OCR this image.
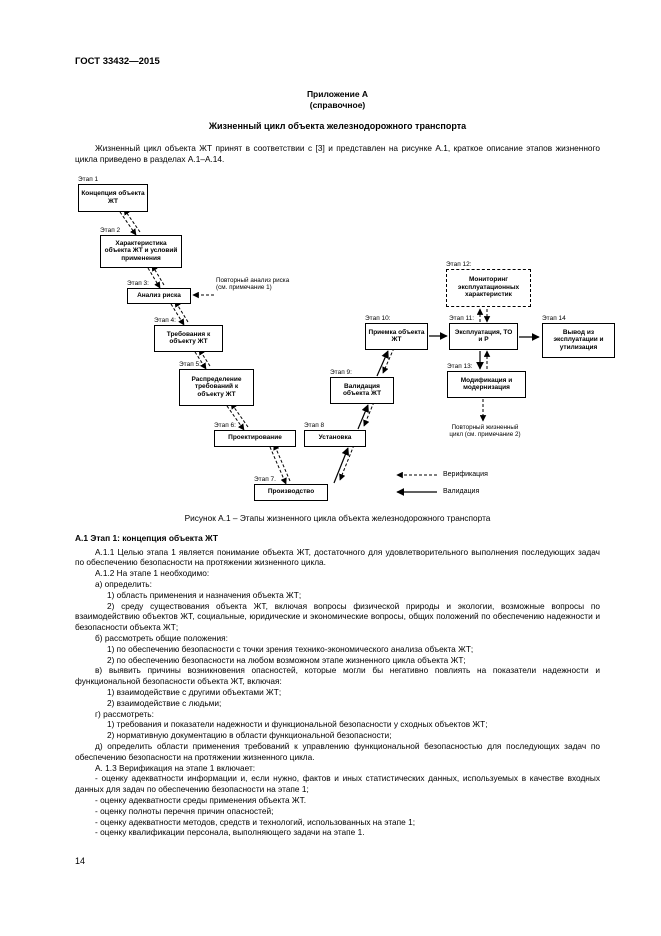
ГОСТ 33432—2015
Приложение А
(справочное)
Жизненный цикл объекта железнодорожного транспорта

Жизненный цикл объекта ЖТ принят в соответствии с [3] и представлен на рисунке А.1, краткое описание этапов жизненного цикла приведено в разделах А.1–А.14.

Этап 1
Концепция объекта ЖТ
Этап 2
Характеристика объекта ЖТ и условий применения
Этап 3:
Анализ риска
Этап 4:
Требования к объекту ЖТ
Этап 5:
Распределение требований к объекту ЖТ
Этап 6:
Проектирование
Этап 7.
Производство
Этап 8
Установка
Этап 9:
Валидация объекта ЖТ
Этап 10:
Приемка объекта ЖТ
Этап 11:
Эксплуатация, ТО и Р
Этап 12:
Мониторинг эксплуатационных характеристик
Этап 13:
Модификация и модернизация
Этап 14
Вывод из эксплуатации и утилизация
Повторный анализ риска (см. примечание 1)
Повторный жизненный цикл (см. примечание 2)
Верификация
Валидация
Рисунок А.1 – Этапы жизненного цикла объекта железнодорожного транспорта
А.1 Этап 1: концепция объекта ЖТ

А.1.1 Целью этапа 1 является понимание объекта ЖТ, достаточного для удовлетворительного выполнения последующих задач по обеспечению безопасности на протяжении жизненного цикла.

А.1.2 На этапе 1 необходимо:

а) определить:

1) область применения и назначения объекта ЖТ;

2) среду существования объекта ЖТ, включая вопросы физической природы и экологии, возможные вопросы по взаимодействию объектов ЖТ, социальные, юридические и экономические вопросы, общих положений по обеспечению надежности и безопасности объекта ЖТ;

б) рассмотреть общие положения:

1) по обеспечению безопасности с точки зрения технико-экономического анализа объекта ЖТ;

2) по обеспечению безопасности на любом возможном этапе жизненного цикла объекта ЖТ;

в) выявить причины возникновения опасностей, которые могли бы негативно повлиять на показатели надежности и функциональной безопасности объекта ЖТ, включая:

1) взаимодействие с другими объектами ЖТ;

2) взаимодействие с людьми;

г) рассмотреть:

1) требования и показатели надежности и функциональной безопасности у сходных объектов ЖТ;

2) нормативную документацию в области функциональной безопасности;

д) определить области применения требований к управлению функциональной безопасностью для последующих задач по обеспечению безопасности на протяжении жизненного цикла.

А. 1.3 Верификация на этапе 1 включает:

- оценку адекватности информации и, если нужно, фактов и иных статистических данных, используемых в качестве входных данных для задач по обеспечению безопасности на этапе 1;

- оценку адекватности среды применения объекта ЖТ.

- оценку полноты перечня причин опасностей;

- оценку адекватности методов, средств и технологий, использованных на этапе 1;

- оценку квалификации персонала, выполняющего задачи на этапе 1.

14
